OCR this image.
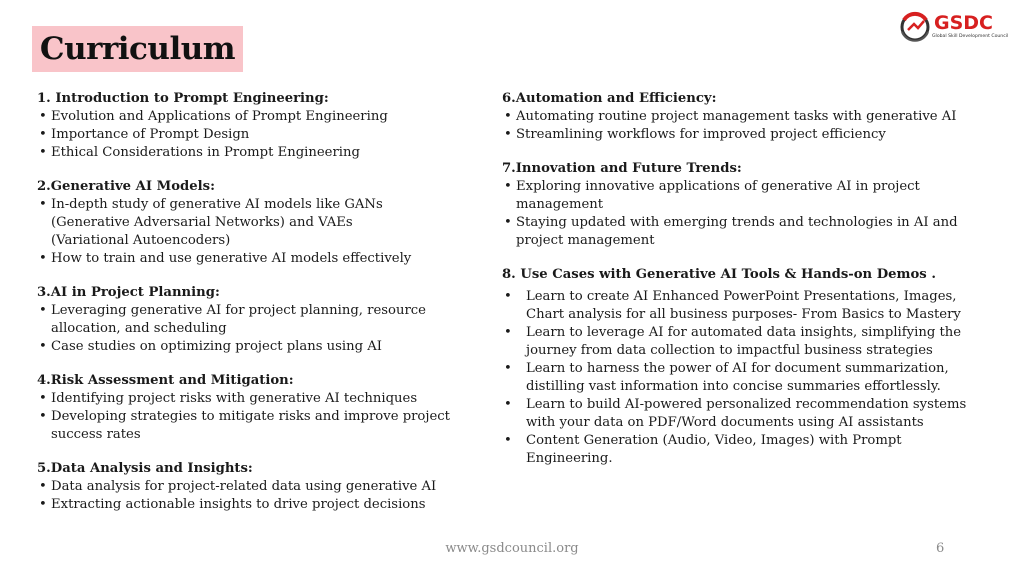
Curriculum
GSDC
Global Skill Development Council
1. Introduction to Prompt Engineering:
• Evolution and Applications of Prompt Engineering
• Importance of Prompt Design
• Ethical Considerations in Prompt Engineering
2.Generative AI Models:
• In-depth study of generative AI models like GANs (Generative Adversarial Networks) and VAEs (Variational Autoencoders)
• How to train and use generative AI models effectively
3.AI in Project Planning:
• Leveraging generative AI for project planning, resource allocation, and scheduling
• Case studies on optimizing project plans using AI
4.Risk Assessment and Mitigation:
• Identifying project risks with generative AI techniques
• Developing strategies to mitigate risks and improve project success rates
5.Data Analysis and Insights:
• Data analysis for project-related data using generative AI
• Extracting actionable insights to drive project decisions
6.Automation and Efficiency:
• Automating routine project management tasks with generative AI
• Streamlining workflows for improved project efficiency
7.Innovation and Future Trends:
• Exploring innovative applications of generative AI in project management
• Staying updated with emerging trends and technologies in AI and project management
8. Use Cases with Generative AI Tools & Hands-on Demos .
• Learn to create AI Enhanced PowerPoint Presentations, Images, Chart analysis for all business purposes- From Basics to Mastery
• Learn to leverage AI for automated data insights, simplifying the journey from data collection to impactful business strategies
• Learn to harness the power of AI for document summarization, distilling vast information into concise summaries effortlessly.
• Learn to build AI-powered personalized recommendation systems with your data on PDF/Word documents using AI assistants
• Content Generation (Audio, Video, Images) with Prompt Engineering.
www.gsdcouncil.org	6
